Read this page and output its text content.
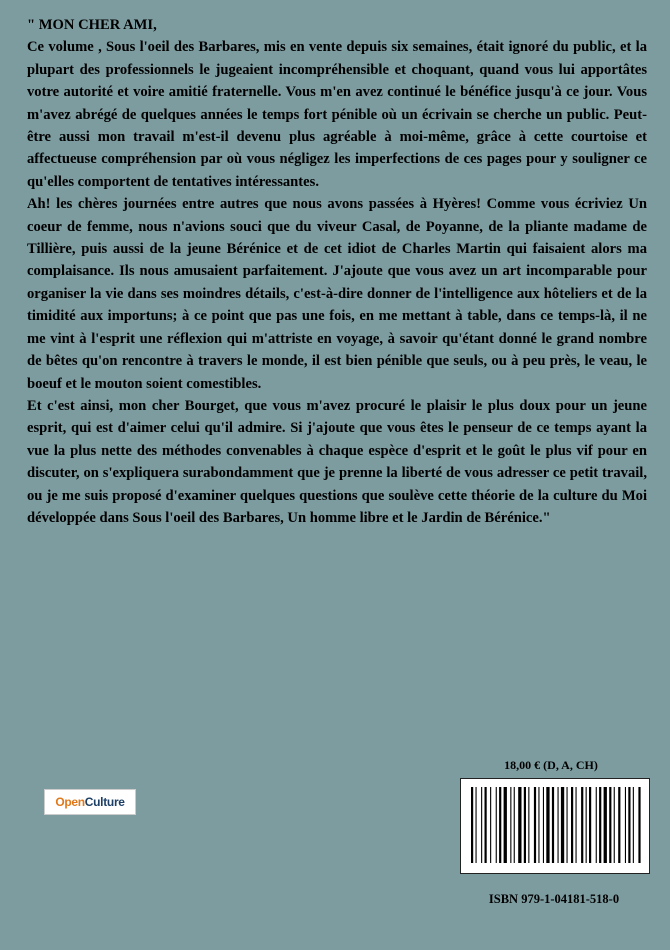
" MON CHER AMI,

Ce volume , Sous l'oeil des Barbares, mis en vente depuis six semaines, était ignoré du public, et la plupart des professionnels le jugeaient incompréhensible et choquant, quand vous lui apportâtes votre autorité et voire amitié fraternelle. Vous m'en avez continué le bénéfice jusqu'à ce jour. Vous m'avez abrégé de quelques années le temps fort pénible où un écrivain se cherche un public. Peut-être aussi mon travail m'est-il devenu plus agréable à moi-même, grâce à cette courtoise et affectueuse compréhension par où vous négligez les imperfections de ces pages pour y souligner ce qu'elles comportent de tentatives intéressantes.

Ah! les chères journées entre autres que nous avons passées à Hyères! Comme vous écriviez Un coeur de femme, nous n'avions souci que du viveur Casal, de Poyanne, de la pliante madame de Tillière, puis aussi de la jeune Bérénice et de cet idiot de Charles Martin qui faisaient alors ma complaisance. Ils nous amusaient parfaitement. J'ajoute que vous avez un art incomparable pour organiser la vie dans ses moindres détails, c'est-à-dire donner de l'intelligence aux hôteliers et de la timidité aux importuns; à ce point que pas une fois, en me mettant à table, dans ce temps-là, il ne me vint à l'esprit une réflexion qui m'attriste en voyage, à savoir qu'étant donné le grand nombre de bêtes qu'on rencontre à travers le monde, il est bien pénible que seuls, ou à peu près, le veau, le boeuf et le mouton soient comestibles.

Et c'est ainsi, mon cher Bourget, que vous m'avez procuré le plaisir le plus doux pour un jeune esprit, qui est d'aimer celui qu'il admire. Si j'ajoute que vous êtes le penseur de ce temps ayant la vue la plus nette des méthodes convenables à chaque espèce d'esprit et le goût le plus vif pour en discuter, on s'expliquera surabondamment que je prenne la liberté de vous adresser ce petit travail, ou je me suis proposé d'examiner quelques questions que soulève cette théorie de la culture du Moi développée dans Sous l'oeil des Barbares, Un homme libre et le Jardin de Bérénice."

Open Culture
18,00 € (D, A, CH)
ISBN 979-1-04181-518-0
